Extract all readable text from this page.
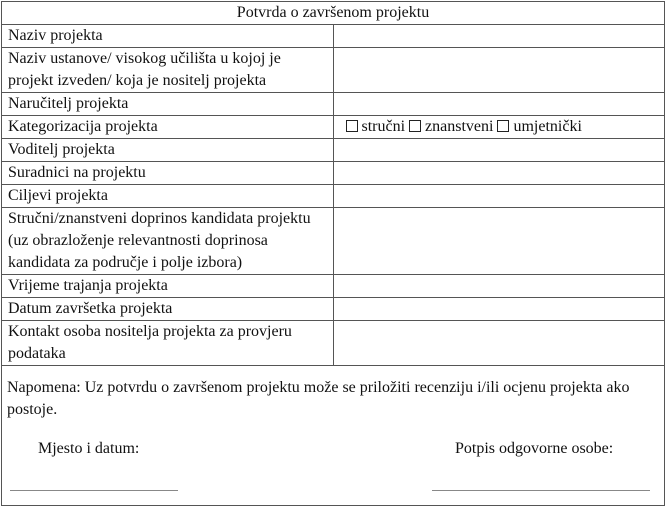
Potvrda o završenom projektu	
Naziv projekta	
Naziv ustanove/ visokog učilišta u kojoj je projekt izveden/ koja je nositelj projekta	
Naručitelj projekta	
Kategorizacija projekta	stručni znanstveni umjetnički
Voditelj projekta	
Suradnici na projektu	
Ciljevi projekta	
Stručni/znanstveni doprinos kandidata projektu (uz obrazloženje relevantnosti doprinosa kandidata za područje i polje izbora)	
Vrijeme trajanja projekta	
Datum završetka projekta	
Kontakt osoba nositelja projekta za provjeru podataka	
Napomena: Uz potvrdu o završenom projektu može se priložiti recenziju i/ili ocjenu projekta ako postoje.
Mjesto i datum:	Potpis odgovorne osobe:
